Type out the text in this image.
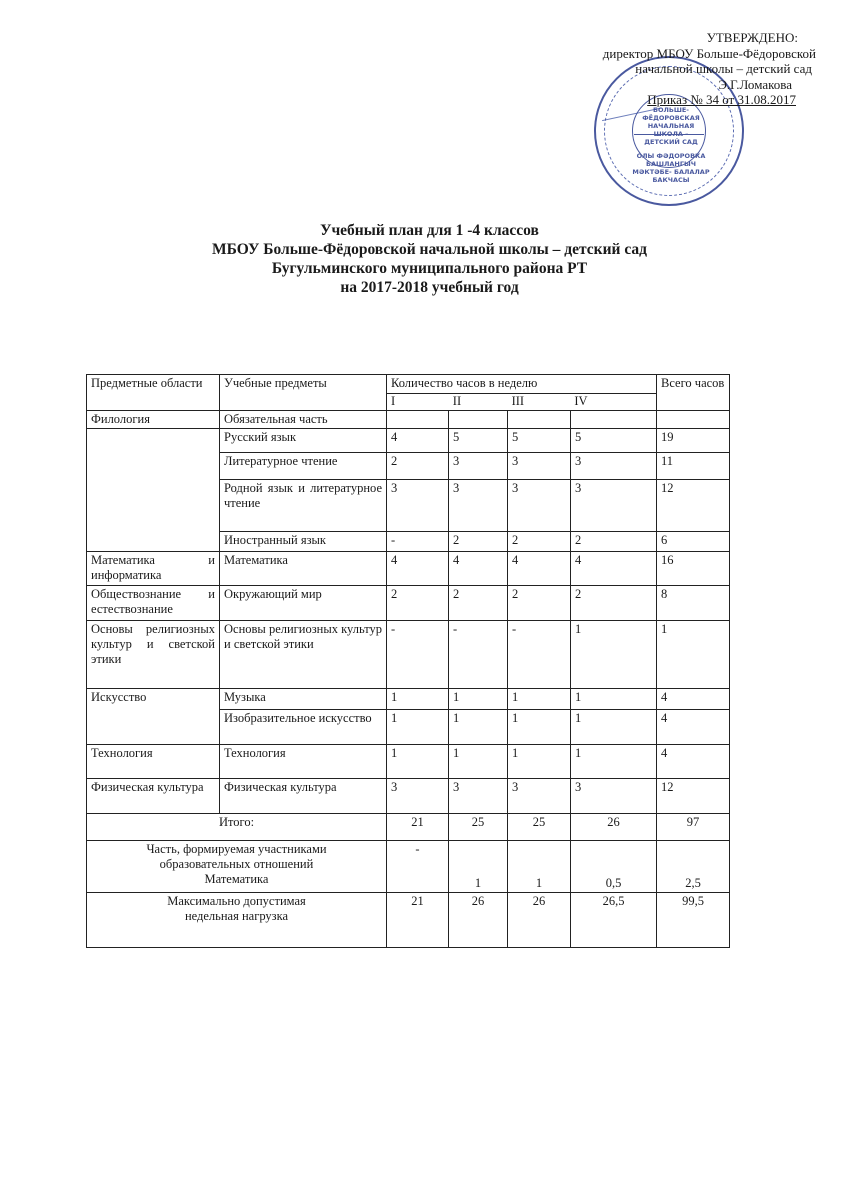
БОЛЬШЕ-
ФЁДОРОВСКАЯ
НАЧАЛЬНАЯ ШКОЛА –
ДЕТСКИЙ САД
ОЛЫ ФӘДОРОВКА
БАШЛАНГЫЧ
МӘКТӘБЕ- БАЛАЛАР
БАКЧАСЫ
УТВЕРЖДЕНО:
директор МБОУ Больше-Фёдоровской
начальной школы – детский сад
Э.Г.Ломакова
Приказ № 34 от 31.08.2017
Учебный план для 1 -4 классов
МБОУ Больше-Фёдоровской начальной школы – детский сад
Бугульминского муниципального района РТ
на 2017-2018 учебный год
Предметные области	Учебные предметы	Количество часов в неделю				Всего часов

		I II III IV				

Филология	Обязательная часть					
	Русский язык	4	5	5	5	19
	Литературное чтение	2	3	3	3	11
	Родной язык и литературное чтение	3	3	3	3	12
	Иностранный язык	-	2	2	2	6
Математика и информатика	Математика	4	4	4	4	16
Обществознание и естествознание	Окружающий мир	2	2	2	2	8
Основы религиозных культур и светской этики	Основы религиозных культур и светской этики	-	-	-	1	1
Искусство	Музыка	1	1	1	1	4
	Изобразительное искусство	1	1	1	1	4
Технология	Технология	1	1	1	1	4
Физическая культура	Физическая культура	3	3	3	3	12
Итого:		21	25	25	26	97

Часть, формируемая участниками образовательных отношений
Математика		-	1	1	0,5	2,5

Максимально допустимая недельная нагрузка		21	26	26	26,5	99,5
